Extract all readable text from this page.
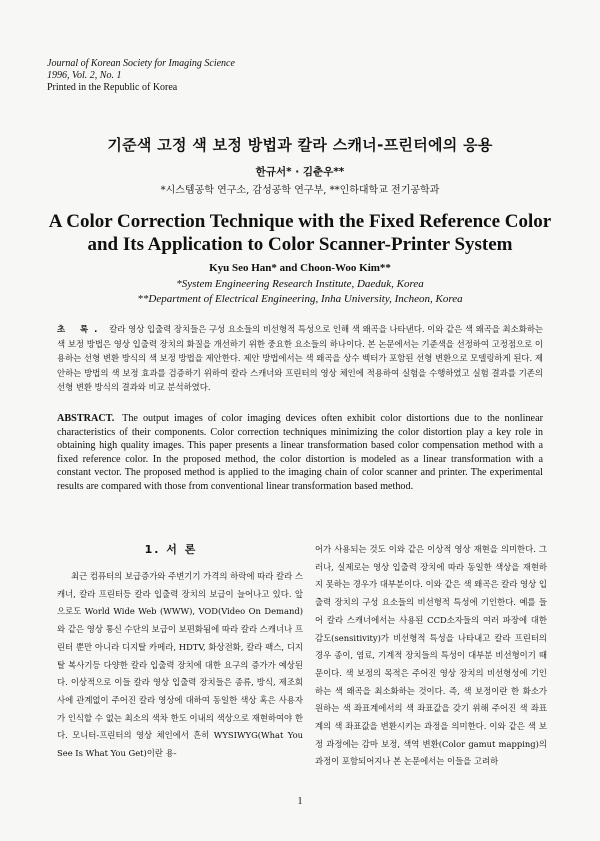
Journal of Korean Society for Imaging Science
1996, Vol. 2, No. 1
Printed in the Republic of Korea
기준색 고정 색 보정 방법과 칼라 스캐너-프린터에의 응용
한규서* · 김춘우**
*시스템공학 연구소, 감성공학 연구부, **인하대학교 전기공학과
A Color Correction Technique with the Fixed Reference Color
and Its Application to Color Scanner-Printer System
Kyu Seo Han* and Choon-Woo Kim**
*System Engineering Research Institute, Daeduk, Korea
**Department of Electrical Engineering, Inha University, Incheon, Korea
초 록. 칼라 영상 입출력 장치들은 구성 요소들의 비선형적 특성으로 인해 색 왜곡을 나타낸다. 이와 같은 색 왜곡을 최소화하는 색 보정 방법은 영상 입출력 장치의 화질을 개선하기 위한 중요한 요소들의 하나이다. 본 논문에서는 기준색을 선정하여 고정점으로 이용하는 선형 변환 방식의 색 보정 방법을 제안한다. 제안 방법에서는 색 왜곡을 상수 벡터가 포함된 선형 변환으로 모델링하게 된다. 제안하는 방법의 색 보정 효과를 검증하기 위하여 칼라 스캐너와 프린터의 영상 체인에 적용하여 실험을 수행하였고 실험 결과를 기존의 선형 변환 방식의 결과와 비교 분석하였다.
ABSTRACT. The output images of color imaging devices often exhibit color distortions due to the nonlinear characteristics of their components. Color correction techniques minimizing the color distortion play a key role in obtaining high quality images. This paper presents a linear transformation based color compensation method with a fixed reference color. In the proposed method, the color distortion is modeled as a linear transformation with a constant vector. The proposed method is applied to the imaging chain of color scanner and printer. The experimental results are compared with those from conventional linear transformation based method.
1. 서 론
최근 컴퓨터의 보급증가와 주변기기 가격의 하락에 따라 칼라 스캐너, 칼라 프린터등 칼라 입출력 장치의 보급이 늘어나고 있다. 앞으로도 World Wide Web (WWW), VOD(Video On Demand)와 같은 영상 통신 수단의 보급이 보편화됨에 따라 칼라 스캐너나 프린터 뿐만 아니라 디지탈 카메라, HDTV, 화상전화, 칼라 팩스, 디지탈 복사기등 다양한 칼라 입출력 장치에 대한 요구의 증가가 예상된다. 이상적으로 이들 칼라 영상 입출력 장치들은 종류, 방식, 제조회사에 관계없이 주어진 칼라 영상에 대하여 동일한 색상 혹은 사용자가 인식할 수 없는 최소의 색차 한도 이내의 색상으로 재현하여야 한다. 모니터-프린터의 영상 체인에서 흔히 WYSIWYG(What You See Is What You Get)이란 용-
어가 사용되는 것도 이와 같은 이상적 영상 재현을 의미한다. 그러나, 실제로는 영상 입출력 장치에 따라 동일한 색상을 재현하지 못하는 경우가 대부분이다. 이와 같은 색 왜곡은 칼라 영상 입출력 장치의 구성 요소들의 비선형적 특성에 기인한다. 예를 들어 칼라 스캐너에서는 사용된 CCD소자들의 여러 파장에 대한 감도(sensitivity)가 비선형적 특성을 나타내고 칼라 프린터의 경우 종이, 염료, 기계적 장치들의 특성이 대부분 비선형이기 때문이다. 색 보정의 목적은 주어진 영상 장치의 비선형성에 기인하는 색 왜곡을 최소화하는 것이다. 즉, 색 보정이란 한 화소가 원하는 색 좌표계에서의 색 좌표값을 갖기 위해 주어진 색 좌표계의 색 좌표값을 변환시키는 과정을 의미한다. 이와 같은 색 보정 과정에는 감마 보정, 색역 변환(Color gamut mapping)의 과정이 포함되어지나 본 논문에서는 이들을 고려하
1
